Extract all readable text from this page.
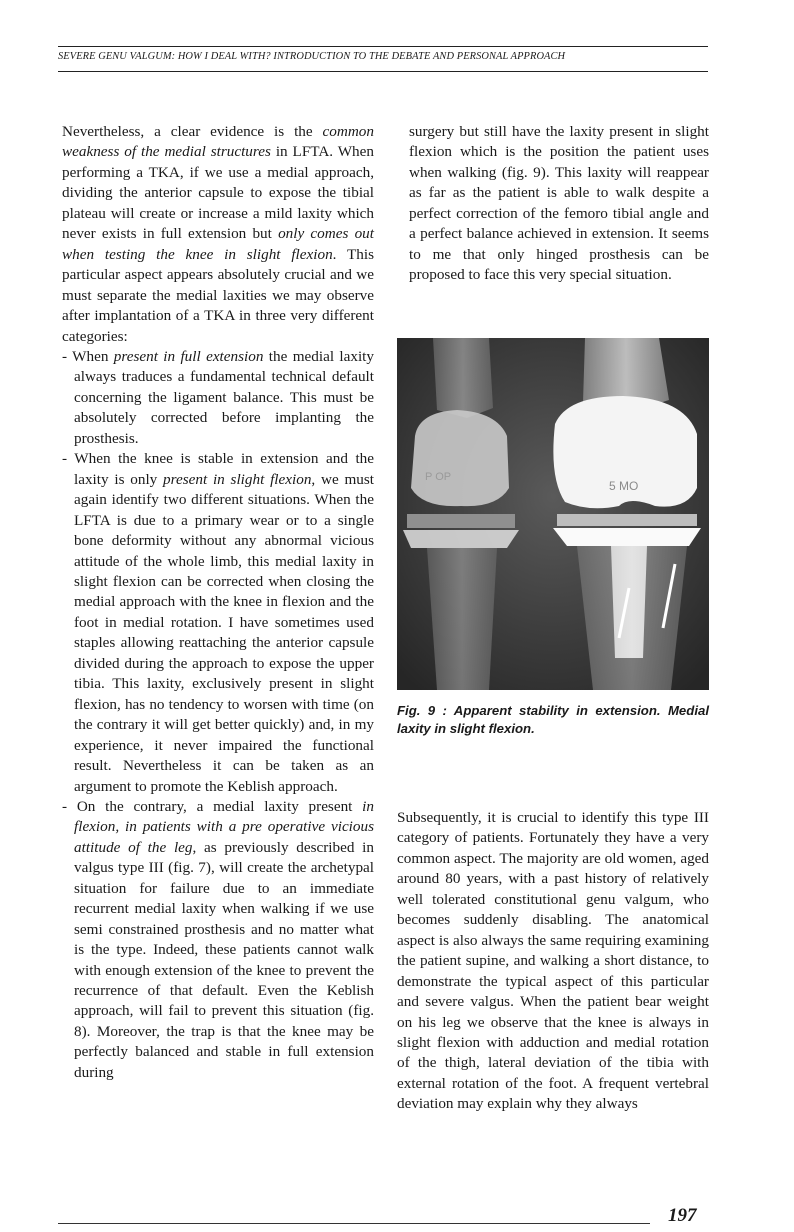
SEVERE GENU VALGUM: HOW I DEAL WITH? INTRODUCTION TO THE DEBATE AND PERSONAL APPROACH

Nevertheless, a clear evidence is the common weakness of the medial structures in LFTA. When performing a TKA, if we use a medial approach, dividing the anterior capsule to expose the tibial plateau will create or increase a mild laxity which never exists in full extension but only comes out when testing the knee in slight flexion. This particular aspect appears absolutely crucial and we must separate the medial laxities we may observe after implantation of a TKA in three very different categories:

- When present in full extension the medial laxity always traduces a fundamental technical default concerning the ligament balance. This must be absolutely corrected before implanting the prosthesis.

- When the knee is stable in extension and the laxity is only present in slight flexion, we must again identify two different situations. When the LFTA is due to a primary wear or to a single bone deformity without any abnormal vicious attitude of the whole limb, this medial laxity in slight flexion can be corrected when closing the medial approach with the knee in flexion and the foot in medial rotation. I have sometimes used staples allowing reattaching the anterior capsule divided during the approach to expose the upper tibia. This laxity, exclusively present in slight flexion, has no tendency to worsen with time (on the contrary it will get better quickly) and, in my experience, it never impaired the functional result. Nevertheless it can be taken as an argument to promote the Keblish approach.

- On the contrary, a medial laxity present in flexion, in patients with a pre operative vicious attitude of the leg, as previously described in valgus type III (fig. 7), will create the archetypal situation for failure due to an immediate recurrent medial laxity when walking if we use semi constrained prosthesis and no matter what is the type. Indeed, these patients cannot walk with enough extension of the knee to prevent the recurrence of that default. Even the Keblish approach, will fail to prevent this situation (fig. 8). Moreover, the trap is that the knee may be perfectly balanced and stable in full extension during

surgery but still have the laxity present in slight flexion which is the position the patient uses when walking (fig. 9). This laxity will reappear as far as the patient is able to walk despite a perfect correction of the femoro tibial angle and a perfect balance achieved in extension. It seems to me that only hinged prosthesis can be proposed to face this very special situation.

P OP
5 MO
Fig. 9 : Apparent stability in extension. Medial laxity in slight flexion.

Subsequently, it is crucial to identify this type III category of patients. Fortunately they have a very common aspect. The majority are old women, aged around 80 years, with a past history of relatively well tolerated constitutional genu valgum, who becomes suddenly disabling. The anatomical aspect is also always the same requiring examining the patient supine, and walking a short distance, to demonstrate the typical aspect of this particular and severe valgus. When the patient bear weight on his leg we observe that the knee is always in slight flexion with adduction and medial rotation of the thigh, lateral deviation of the tibia with external rotation of the foot. A frequent vertebral deviation may explain why they always

197
